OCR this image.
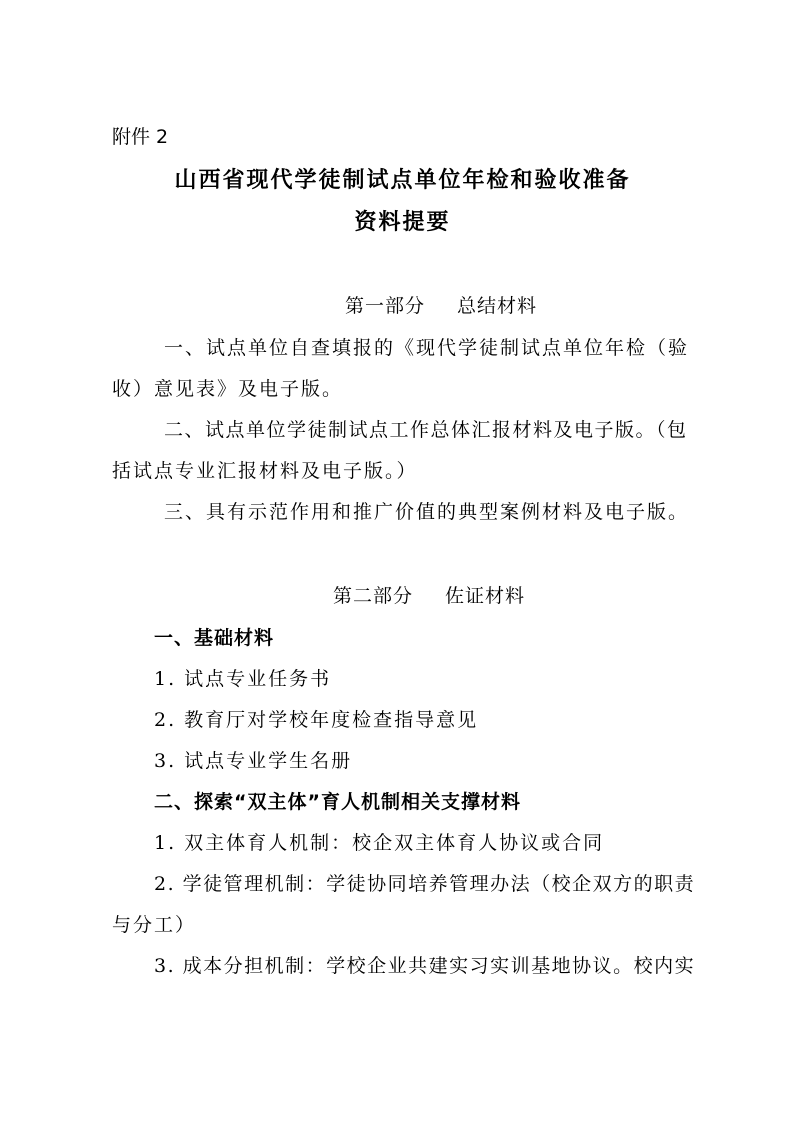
附件 2
山西省现代学徒制试点单位年检和验收准备
资料提要
第一部分 总结材料
一、试点单位自查填报的《现代学徒制试点单位年检（验
收）意见表》及电子版。
二、试点单位学徒制试点工作总体汇报材料及电子版。（包
括试点专业汇报材料及电子版。）
三、具有示范作用和推广价值的典型案例材料及电子版。
第二部分 佐证材料
一、基础材料
1. 试点专业任务书
2. 教育厅对学校年度检查指导意见
3. 试点专业学生名册
二、探索“双主体”育人机制相关支撑材料
1. 双主体育人机制：校企双主体育人协议或合同
2. 学徒管理机制：学徒协同培养管理办法（校企双方的职责
与分工）
3. 成本分担机制：学校企业共建实习实训基地协议。校内实
